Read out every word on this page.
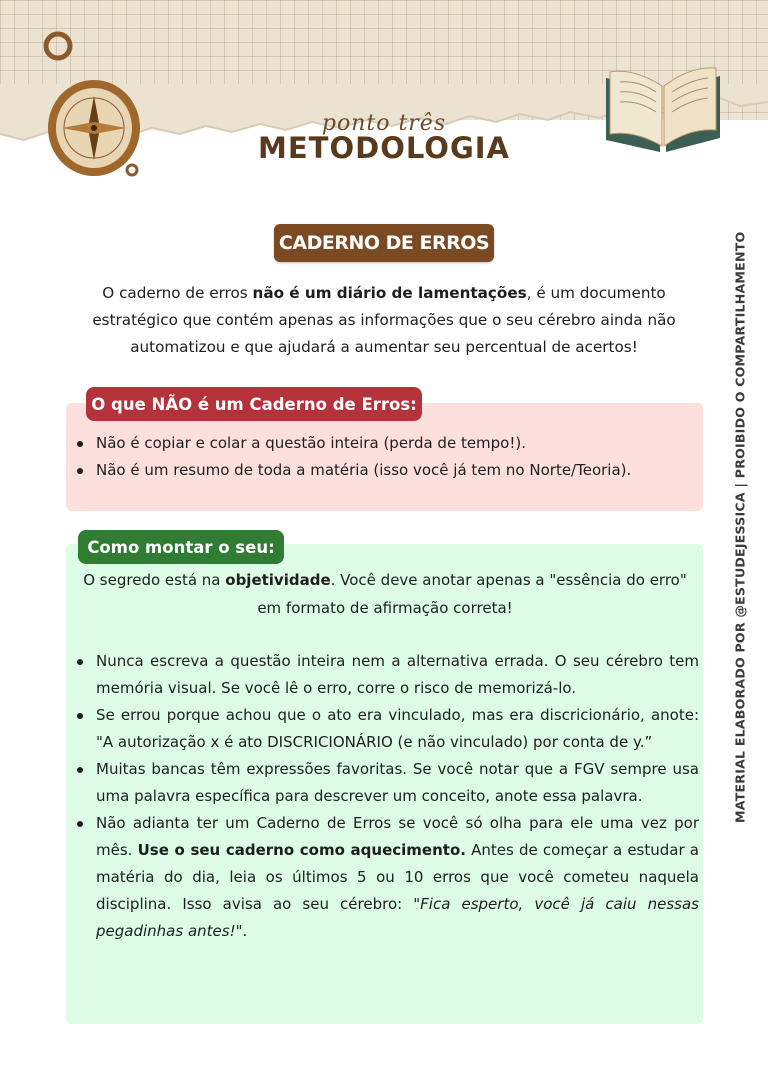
ponto três
METODOLOGIA
CADERNO DE ERROS
O caderno de erros não é um diário de lamentações, é um documento estratégico que contém apenas as informações que o seu cérebro ainda não automatizou e que ajudará a aumentar seu percentual de acertos!
O que NÃO é um Caderno de Erros:
Não é copiar e colar a questão inteira (perda de tempo!).
Não é um resumo de toda a matéria (isso você já tem no Norte/Teoria).
Como montar o seu:
O segredo está na objetividade. Você deve anotar apenas a "essência do erro" em formato de afirmação correta!
Nunca escreva a questão inteira nem a alternativa errada. O seu cérebro tem memória visual. Se você lê o erro, corre o risco de memorizá-lo.
Se errou porque achou que o ato era vinculado, mas era discricionário, anote: "A autorização x é ato DISCRICIONÁRIO (e não vinculado) por conta de y.”
Muitas bancas têm expressões favoritas. Se você notar que a FGV sempre usa uma palavra específica para descrever um conceito, anote essa palavra.
Não adianta ter um Caderno de Erros se você só olha para ele uma vez por mês. Use o seu caderno como aquecimento. Antes de começar a estudar a matéria do dia, leia os últimos 5 ou 10 erros que você cometeu naquela disciplina. Isso avisa ao seu cérebro: "Fica esperto, você já caiu nessas pegadinhas antes!".
MATERIAL ELABORADO POR @ESTUDEJESSICA | PROIBIDO O COMPARTILHAMENTO
